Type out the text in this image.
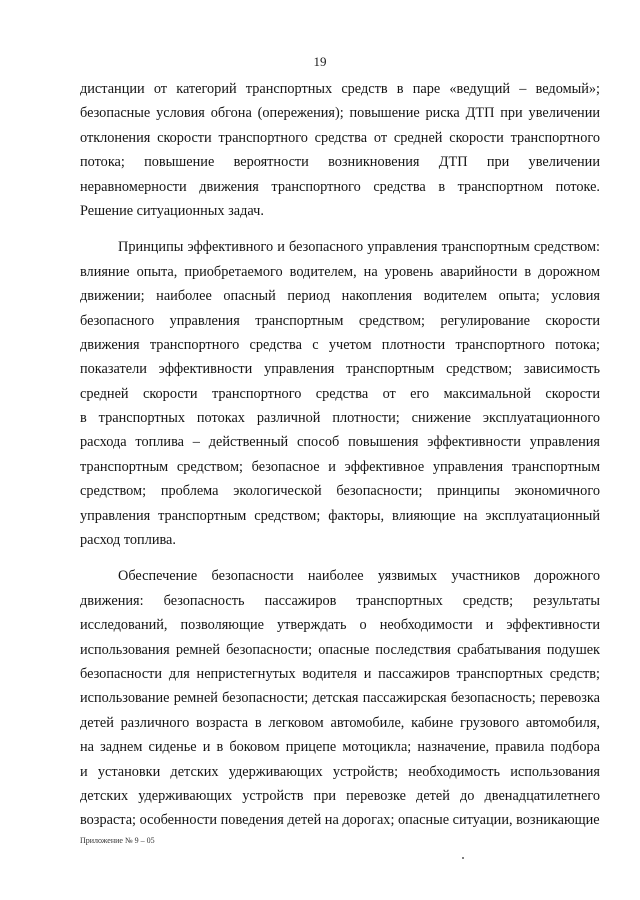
19
дистанции от категорий транспортных средств в паре «ведущий – ведомый»;
безопасные условия обгона (опережения); повышение риска ДТП при увеличении
отклонения скорости транспортного средства от средней скорости транспортного
потока; повышение вероятности возникновения ДТП при увеличении
неравномерности движения транспортного средства в транспортном потоке.
Решение ситуационных задач.
Принципы эффективного и безопасного управления транспортным средством:
влияние опыта, приобретаемого водителем, на уровень аварийности в дорожном
движении; наиболее опасный период накопления водителем опыта; условия
безопасного управления транспортным средством; регулирование скорости
движения транспортного средства с учетом плотности транспортного потока;
показатели эффективности управления транспортным средством; зависимость
средней скорости транспортного средства от его максимальной скорости
в транспортных потоках различной плотности; снижение эксплуатационного
расхода топлива – действенный способ повышения эффективности управления
транспортным средством; безопасное и эффективное управления транспортным
средством; проблема экологической безопасности; принципы экономичного
управления транспортным средством; факторы, влияющие на эксплуатационный
расход топлива.
Обеспечение безопасности наиболее уязвимых участников дорожного
движения: безопасность пассажиров транспортных средств; результаты
исследований, позволяющие утверждать о необходимости и эффективности
использования ремней безопасности; опасные последствия срабатывания подушек
безопасности для непристегнутых водителя и пассажиров транспортных средств;
использование ремней безопасности; детская пассажирская безопасность; перевозка
детей различного возраста в легковом автомобиле, кабине грузового автомобиля,
на заднем сиденье и в боковом прицепе мотоцикла; назначение, правила подбора
и установки детских удерживающих устройств; необходимость использования
детских удерживающих устройств при перевозке детей до двенадцатилетнего
возраста; особенности поведения детей на дорогах; опасные ситуации, возникающие
Приложение № 9 – 05
